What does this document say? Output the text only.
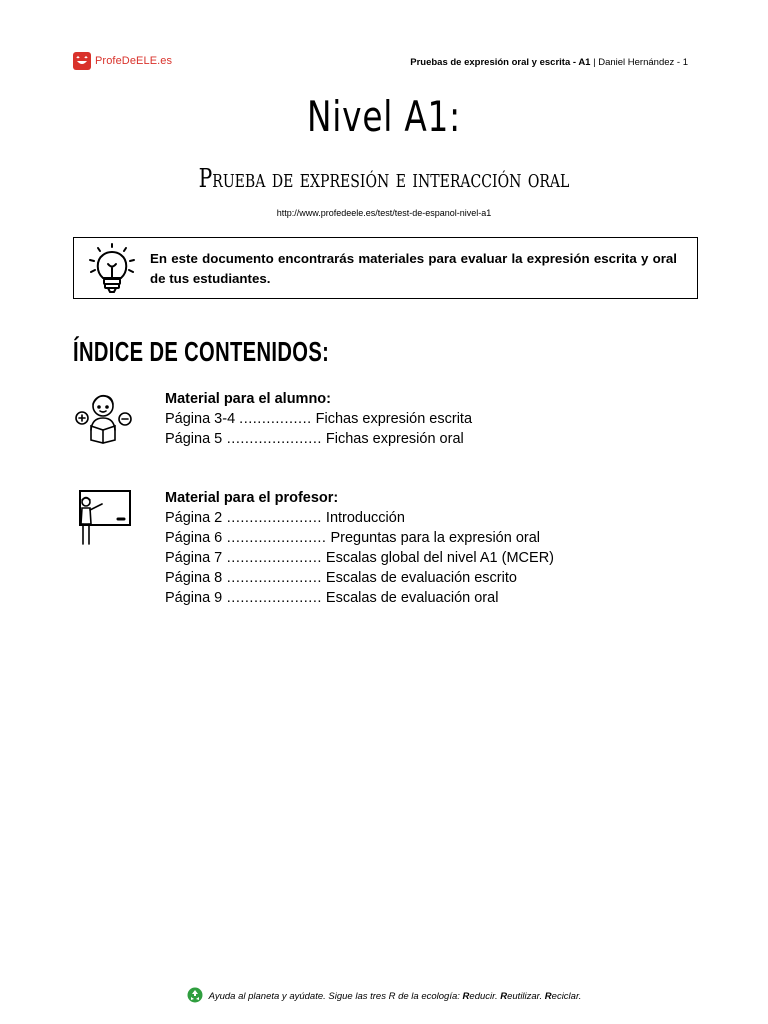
ProfeDeELE.es	Pruebas de expresión oral y escrita - A1 | Daniel Hernández - 1
Nivel A1:
Prueba de expresión e interacción oral
http://www.profedeele.es/test/test-de-espanol-nivel-a1
En este documento encontrarás materiales para evaluar la expresión escrita y oral de tus estudiantes.
ÍNDICE DE CONTENIDOS:
Material para el alumno:
Página 3-4 ................ Fichas expresión escrita
Página 5 ..................... Fichas expresión oral
Material para el profesor:
Página 2 ..................... Introducción
Página 6 ...................... Preguntas para la expresión oral
Página 7 ..................... Escalas global del nivel A1 (MCER)
Página 8 ..................... Escalas de evaluación escrito
Página 9 ..................... Escalas de evaluación oral
Ayuda al planeta y ayúdate. Sigue las tres R de la ecología: Reducir. Reutilizar. Reciclar.
